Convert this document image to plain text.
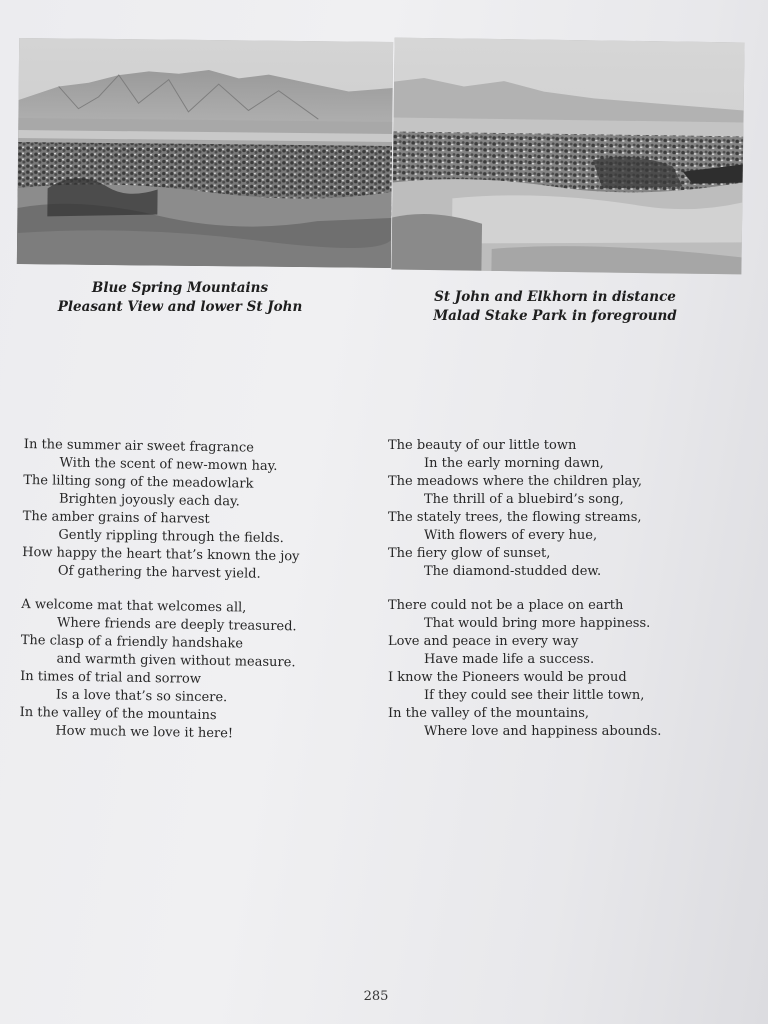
Blue Spring Mountains
Pleasant View and lower St John
St John and Elkhorn in distance
Malad Stake Park in foreground
In the summer air sweet fragrance
With the scent of new-mown hay.
The lilting song of the meadowlark
Brighten joyously each day.
The amber grains of harvest
Gently rippling through the fields.
How happy the heart that’s known the joy
Of gathering the harvest yield.
A welcome mat that welcomes all,
Where friends are deeply treasured.
The clasp of a friendly handshake
and warmth given without measure.
In times of trial and sorrow
Is a love that’s so sincere.
In the valley of the mountains
How much we love it here!
The beauty of our little town
In the early morning dawn,
The meadows where the children play,
The thrill of a bluebird’s song,
The stately trees, the flowing streams,
With flowers of every hue,
The fiery glow of sunset,
The diamond-studded dew.
There could not be a place on earth
That would bring more happiness.
Love and peace in every way
Have made life a success.
I know the Pioneers would be proud
If they could see their little town,
In the valley of the mountains,
Where love and happiness abounds.
285
